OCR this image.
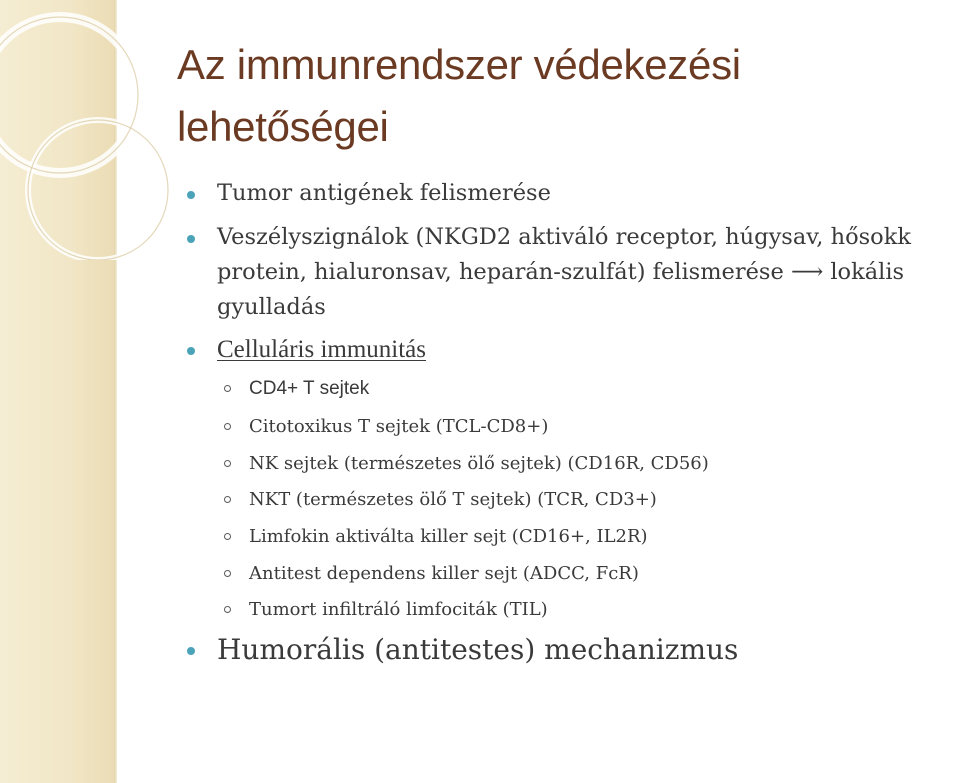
Az immunrendszer védekezési
lehetőségei
Tumor antigének felismerése
Veszélyszignálok (NKGD2 aktiváló receptor, húgysav, hősokk
protein, hialuronsav, heparán-szulfát) felismerése ⟶ lokális
gyulladás
Celluláris immunitás
CD4+ T sejtek
Citotoxikus T sejtek (TCL-CD8+)
NK sejtek (természetes ölő sejtek) (CD16R, CD56)
NKT (természetes ölő T sejtek) (TCR, CD3+)
Limfokin aktiválta killer sejt (CD16+, IL2R)
Antitest dependens killer sejt (ADCC, FcR)
Tumort infiltráló limfociták (TIL)
Humorális (antitestes) mechanizmus
